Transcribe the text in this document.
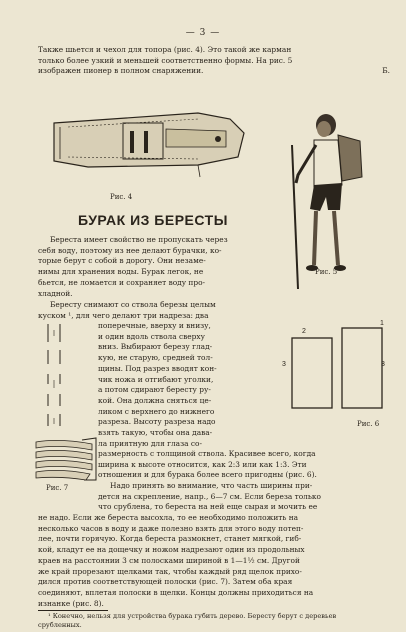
— 3 —
Также шьется и чехол для топора (рис. 4). Это такой же карман
только более узкий и меньшей соответственно формы. На рис. 5
изображен пионер в полном снаряжении.	Б.
Рис. 4
Рис. 5
БУРАК ИЗ БЕРЕСТЫ
Береста имеет свойство не пропускать через
себя воду, поэтому из нее делают бурачки, ко-
торые берут с собой в дорогу. Они незаме-
нимы для хранения воды. Бурак легок, не
бьется, не ломается и сохраняет воду про-
хладной.
Бересту снимают со ствола березы целым
куском ¹, для чего делают три надреза: два
поперечные, вверху и внизу,
и один вдоль ствола сверху
вниз. Выбирают березу глад-
кую, не старую, средней тол-
щины. Под разрез вводят кон-
чик ножа и отгибают уголки,
а потом сдирают бересту ру-
кой. Она должна сняться це-
ликом с верхнего до нижнего
разреза. Высоту разреза надо
взять такую, чтобы она дава-
ла приятную для глаза со-
2
3
1
3
Рис. 6
размерность с толщиной ствола. Красивее всего, когда
ширина к высоте относится, как 2:3 или как 1:3. Эти
отношения и для бурака более всего пригодны (рис. 6).
Рис. 7	Надо принять во внимание, что часть ширины при-
дется на скрепление, напр., 6—7 см. Если береза только
что срублена, то береста на ней еще сырая и мочить ее
не надо. Если же береста высохла, то ее необходимо положить на
несколько часов в воду и даже полезно взять для этого воду потеп-
лее, почти горячую. Когда береста размокнет, станет мягкой, гиб-
кой, кладут ее на дощечку и ножом надрезают один из продольных
краев на расстоянии 3 см полосками шириной в 1—1½ см. Другой
же край прорезают щелками так, чтобы каждый ряд щелок прихо-
дился против соответствующей полоски (рис. 7). Затем оба края
соединяют, вплетая полоски в щелки. Концы должны приходиться на
изнанке (рис. 8).
¹ Конечно, нельзя для устройства бурака губить дерево. Бересту берут с деревьев
срубленных.
